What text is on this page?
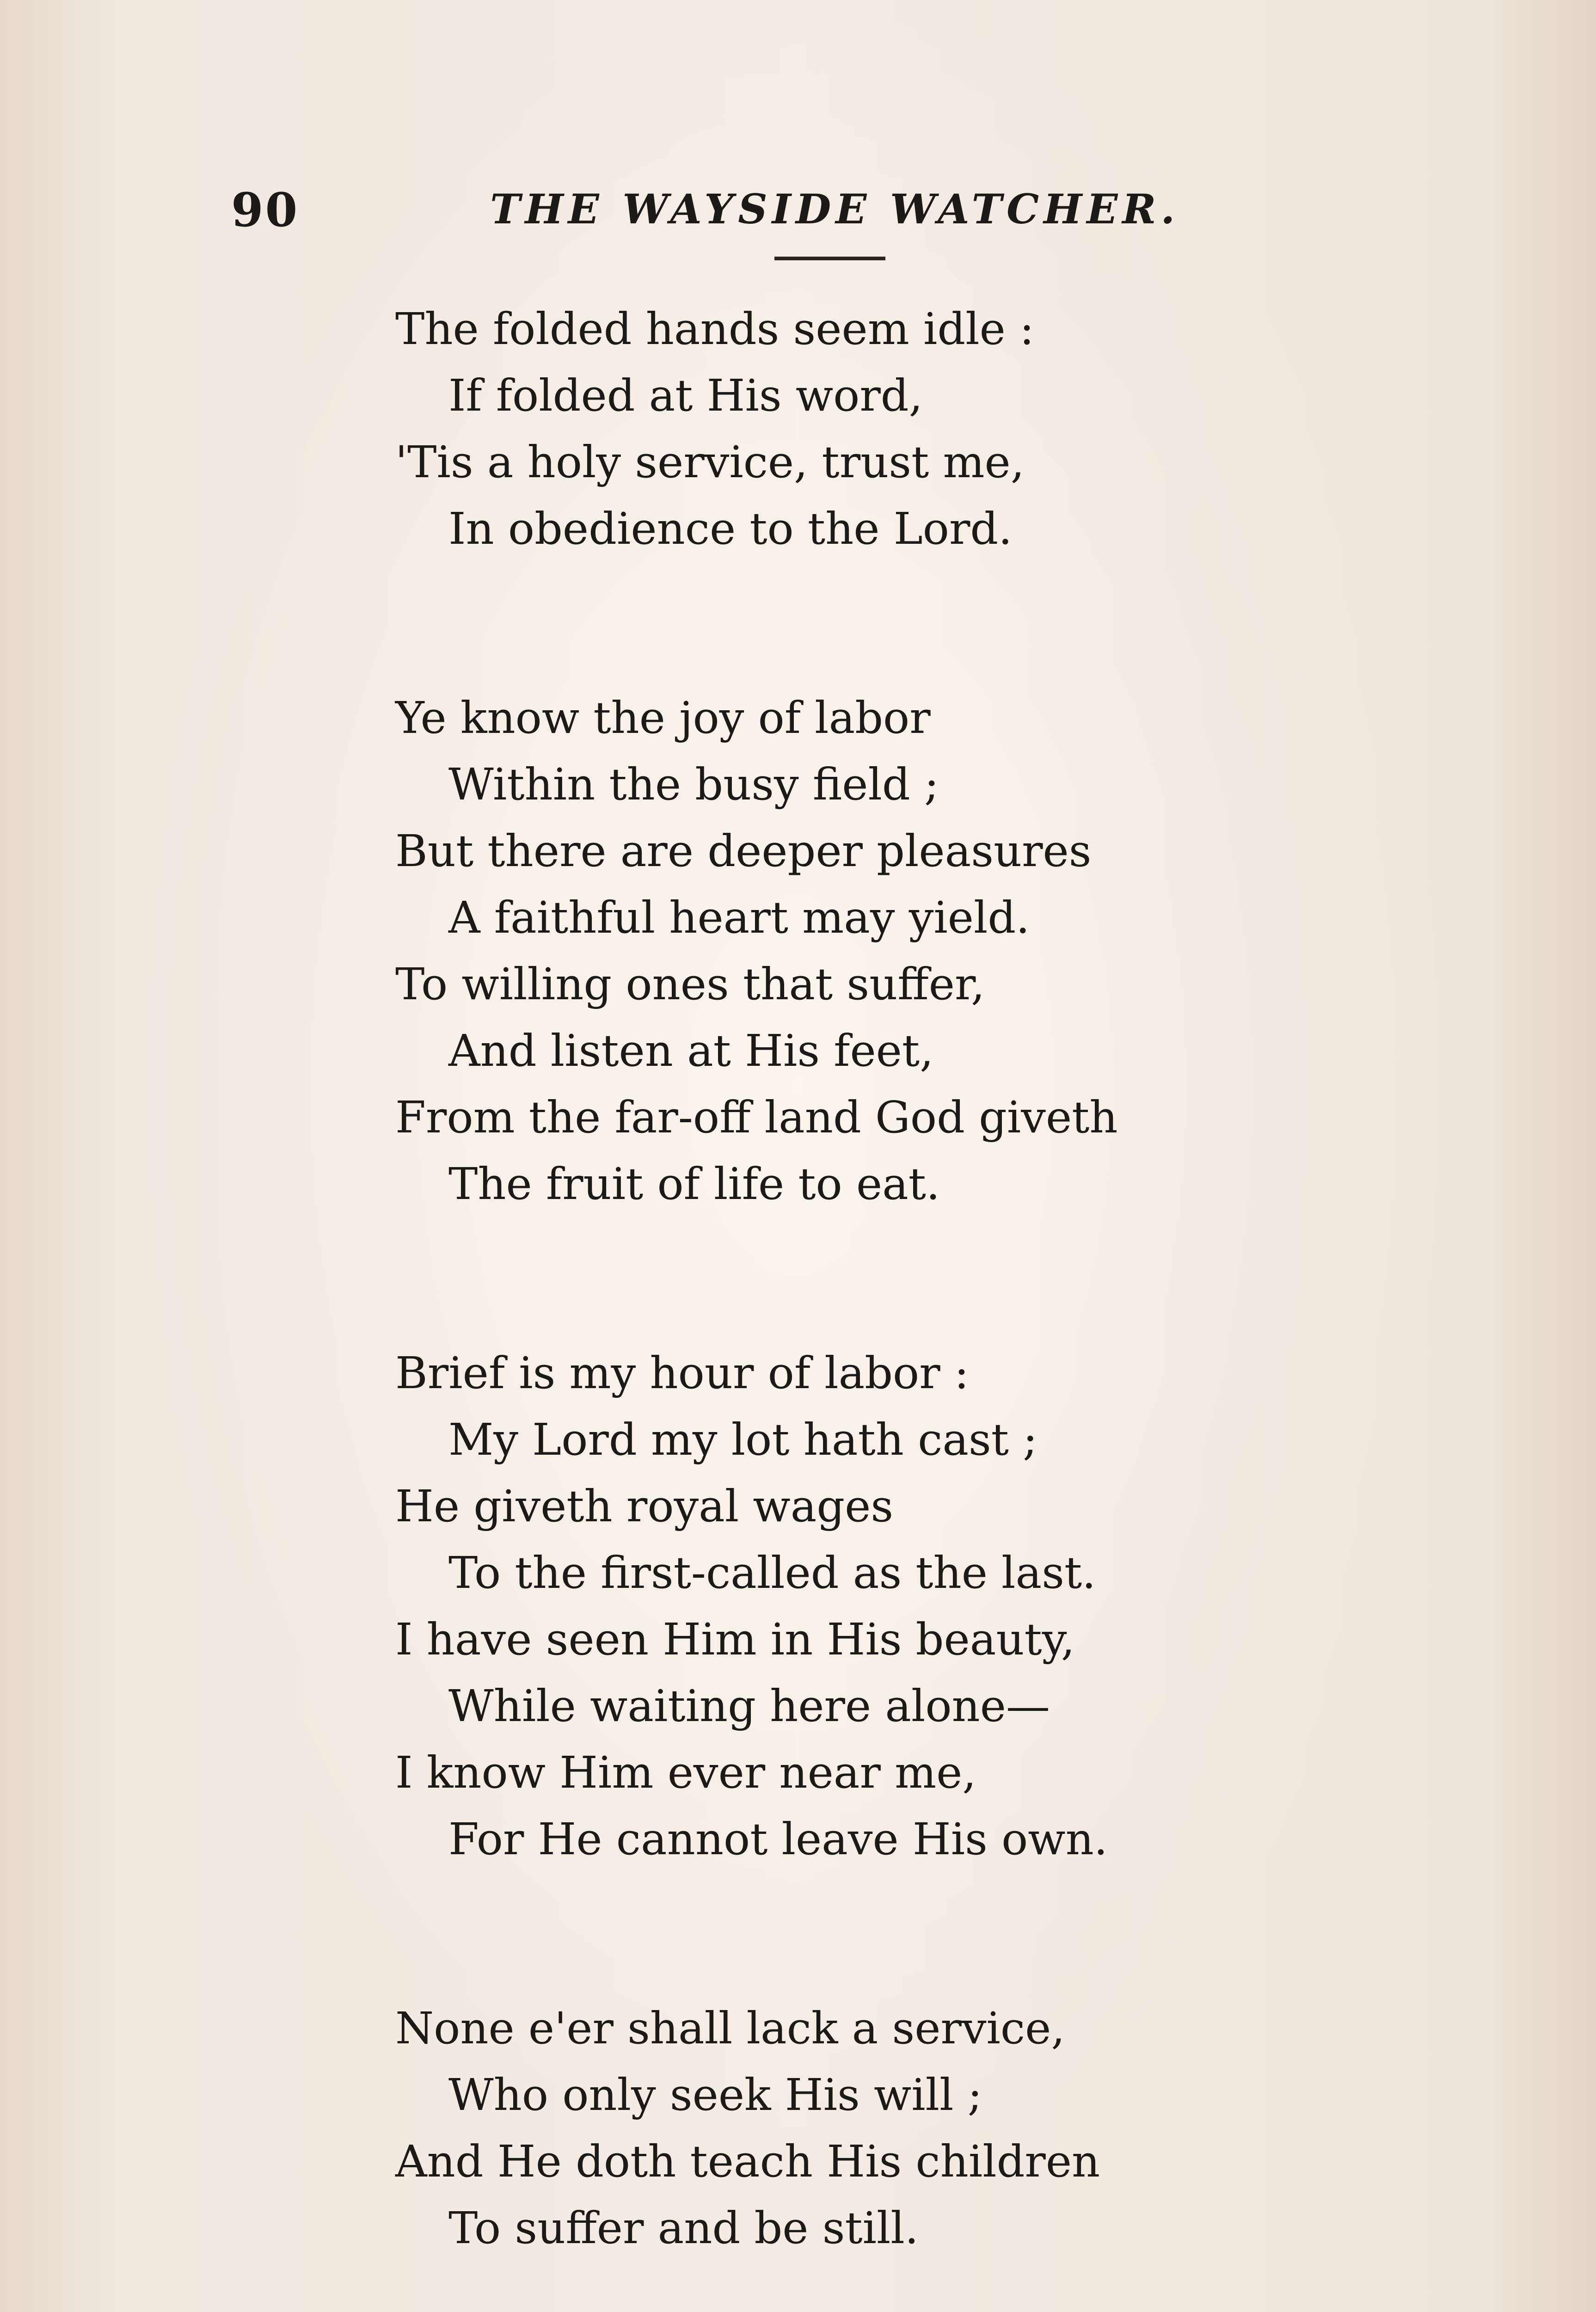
90	THE WAYSIDE WATCHER.
The folded hands seem idle :
If folded at His word,
'Tis a holy service, trust me,
In obedience to the Lord.
Ye know the joy of labor
Within the busy field ;
But there are deeper pleasures
A faithful heart may yield.
To willing ones that suffer,
And listen at His feet,
From the far-off land God giveth
The fruit of life to eat.
Brief is my hour of labor :
My Lord my lot hath cast ;
He giveth royal wages
To the first-called as the last.
I have seen Him in His beauty,
While waiting here alone—
I know Him ever near me,
For He cannot leave His own.
None e'er shall lack a service,
Who only seek His will ;
And He doth teach His children
To suffer and be still.
